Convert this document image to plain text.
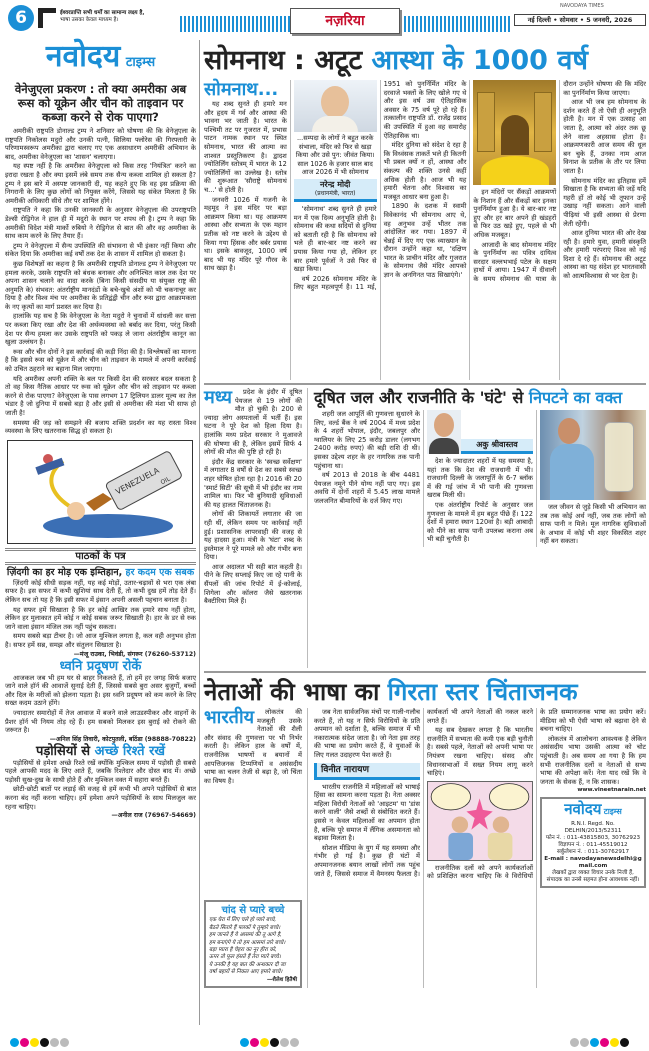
6	ईश्वरप्राप्ति सभी धर्मों का सामान्य लक्ष्य है,
भाषा उसका केवल माध्यम है।	नज़रिया
NAVODAYA TIMES
नई दिल्ली • सोमवार • 5 जनवरी, 2026
नवोदय टाइम्स
वेनेजुएला प्रकरण : तो क्या अमरीका अब रूस को यूक्रेन और चीन को ताइवान पर कब्जा करने से रोक पाएगा?

अमरीकी राष्ट्रपति डोनाल्ड ट्रम्प ने शनिवार को घोषणा की कि वेनेजुएला के राष्ट्रपति निकोलस मदुरो और उनकी पत्नी, सिलिया फ्लोरेस की गिरफ्तारी के परिणामस्वरूप अमरीका द्वारा चलाए गए एक असाधारण अमरीकी अभियान के बाद, अमरीका वेनेजुएला का 'शासन' चलाएगा।

यह स्पष्ट नहीं है कि अमरीका वेनेजुएला को किस तरह 'नियंत्रित' करने का इरादा रखता है और क्या इसमें लंबे समय तक सैन्य कब्जा शामिल हो सकता है? ट्रम्प ने इस बारे में अस्पष्ट जानकारी दी, यह कहते हुए कि वह इस प्रक्रिया की निगरानी के लिए कुछ लोगों को नियुक्त करेंगे, जिससे यह संकेत मिलता है कि अमरीकी अधिकारी सीधे तौर पर शामिल होंगे।

राष्ट्रपति ने कहा कि उनकी जानकारी के अनुसार वेनेजुएला की उपराष्ट्रपति डेल्सी रोड्रिगेज ने हाल ही में मदुरो के स्थान पर शपथ ली है। ट्रम्प ने कहा कि अमरीकी विदेश मंत्री मार्को रुबियो ने रोड्रिगेज से बात की और वह अमरीका के साथ काम करने के लिए तैयार हैं।

ट्रम्प ने वेनेजुएला में सैन्य उपस्थिति की संभावना से भी इंकार नहीं किया और संकेत दिया कि अमरीका कई वर्षों तक देश के शासन में शामिल हो सकता है।

कुछ विशेषज्ञों का कहना है कि अमरीकी राष्ट्रपति डोनाल्ड ट्रम्प ने वेनेजुएला पर हमला करके, उसके राष्ट्रपति को बंधक बनाकर और अनिश्चित काल तक देश पर अपना शासन चलाने का वादा करके (बिना किसी संसदीय या संयुक्त राष्ट्र की अनुमति के) संभवत: अंतर्राष्ट्रीय मानदंडों के बचे-खुचे अंशों को भी चकनाचूर कर दिया है और विश्व मंच पर अमरीका के प्रतिद्वंद्वी चीन और रूस द्वारा आक्रामकता के नए कृत्यों का मार्ग प्रशस्त कर दिया है।

हालांकि यह सच है कि वेनेजुएला के नेता मदुरो ने चुनावों में धांधली कर सत्ता पर कब्जा किए रखा और देश की अर्थव्यवस्था को बर्बाद कर दिया, परंतु किसी देश पर सैन्य हमला कर उसके राष्ट्रपति को पकड़ ले जाना अंतर्राष्ट्रीय कानून का खुला उल्लंघन है।

रूस और चीन दोनों ने इस कार्रवाई की कड़ी निंदा की है। विश्लेषकों का मानना है कि इससे रूस को यूक्रेन में और चीन को ताइवान के मामले में अपनी कार्रवाई को उचित ठहराने का बहाना मिल जाएगा।

यदि अमरीका अपनी शक्ति के बल पर किसी देश की सरकार बदल सकता है तो वह किस नैतिक आधार पर रूस को यूक्रेन और चीन को ताइवान पर कब्जा करने से रोक पाएगा? वेनेजुएला के पास लगभग 17 ट्रिलियन डालर मूल्य का तेल भंडार है जो दुनिया में सबसे बड़ा है और इसी से अमरीका की मंशा भी साफ हो जाती है!

समस्या की जड़ को समझने की बजाय शक्ति प्रदर्शन का यह रास्ता विश्व व्यवस्था के लिए खतरनाक सिद्ध हो सकता है।

VENEZUELA
OIL
पाठकों के पत्र
ज़िंदगी का हर मोड़ एक इम्तिहान, हर कदम एक सबक

ज़िंदगी कोई सीधी सड़क नहीं, यह कई मोड़ों, उतार-चढ़ावों से भरा एक लंबा सफर है। इस सफर में कभी खुशियां साथ देती हैं, तो कभी दुख हमें तोड़ देते हैं। लेकिन सच तो यह है कि इसी सफर में इंसान अपनी असली पहचान बनाता है।

यह सफर हमें सिखाता है कि हर कोई आखिर तक हमारे साथ नहीं होता, लेकिन हर मुलाकात हमें कोई न कोई सबक जरूर सिखाती है। हार के डर से रुक जाने वाला इंसान मंजिल तक नहीं पहुंच सकता।

समय सबसे बड़ा टीचर है। जो आज मुश्किल लगता है, कल वही अनुभव होता है। सफर हमें सब्र, समझ और संतुलन सिखाता है।

—मंजू राउका, भिवंडी, संगरूर (76260-53712)
ध्वनि प्रदूषण रोकें

आजकल जब भी हम घर से बाहर निकलते हैं, तो हमें हर जगह सिर्फ बजाए जाने वाले हॉर्न की आवाजें सुनाई देती हैं, जिससे सबसे बुरा असर बुजुर्गों, बच्चों और दिल के मरीजों को झेलना पड़ता है। इस ध्वनि प्रदूषण को कम करने के लिए सख्त कदम उठाने होंगे।

ज्यादातर समारोहों में तेज आवाज में बजने वाले लाउडस्पीकर और वाहनों के प्रैशर हॉर्न भी नियम तोड़ रहे हैं। हम सबको मिलकर इस बुराई को रोकने की जरूरत है।

—अनिल सिंह तिवारी, कोटपुतली, बठिंडा (98888-70822)
पड़ोसियों से अच्छे रिश्ते रखें

पड़ोसियों से हमेशा अच्छे रिश्ते रखें क्योंकि मुश्किल समय में पड़ोसी ही सबसे पहले आपकी मदद के लिए आते हैं, जबकि रिश्तेदार और दोस्त बाद में। अच्छे पड़ोसी सुख-दुख के साथी होते हैं और मुश्किल वक्त में सहारा बनते हैं।

छोटी-छोटी बातों पर लड़ाई की वजह से हमें कभी भी अपने पड़ोसियों से बात करना बंद नहीं करना चाहिए। हमें हमेशा अपने पड़ोसियों के साथ मिलजुल कर रहना चाहिए।

—अनील राज (76967-54669)
सोमनाथ : अटूट आस्था के 1000 वर्ष
सोमनाथ...

यह शब्द सुनते ही हमारे मन और हृदय में गर्व और आस्था की भावना भर जाती है। भारत के पश्चिमी तट पर गुजरात में, प्रभास पाटन नामक स्थान पर स्थित सोमनाथ, भारत की आत्मा का शाश्वत प्रस्तुतिकरण है। द्वादश ज्योतिर्लिंग स्तोत्रम् में भारत के 12 ज्योतिर्लिंगों का उल्लेख है। स्तोत्र की शुरूआत 'सौराष्ट्रे सोमनाथं च...' से होती है।

जनवरी 1026 में गजनी के महमूद ने इस मंदिर पर बड़ा आक्रमण किया था। यह आक्रमण आस्था और सभ्यता के एक महान प्रतीक को नष्ट करने के उद्देश्य से किया गया हिंसक और बर्बर प्रयास था। इसके बावजूद, 1000 वर्ष बाद भी यह मंदिर पूरे गौरव के साथ खड़ा है।

...सम्पदा के लोगों ने बहुत करके संभाला, मंदिर को फिर से खड़ा किया और उसे पुन: जीवंत किया। साल 1026 के हजार साल बाद आज 2026 में भी सोमनाथ
नरेन्द्र मोदी
(प्रधानमंत्री, भारत)

'सोमनाथ' शब्द सुनते ही हमारे मन में एक दिव्य अनुभूति होती है। सोमनाथ की कथा सदियों से दुनिया को बताती रही है कि सोमनाथ को भले ही बार-बार नष्ट करने का प्रयास किया गया हो, लेकिन हर बार हमारे पूर्वजों ने उसे फिर से खड़ा किया।

वर्ष 2026 सोमनाथ मंदिर के लिए बहुत महत्वपूर्ण है। 11 मई, 1951 को पुनर्निर्मित मंदिर के दरवाजे भक्तों के लिए खोले गए थे और इस वर्ष उस ऐतिहासिक अवसर के 75 वर्ष पूरे हो रहे हैं। तत्कालीन राष्ट्रपति डॉ. राजेंद्र प्रसाद की उपस्थिति में हुआ वह समारोह ऐतिहासिक था।

मंदिर दुनिया को संदेश दे रहा है कि विध्वंसक ताकतें भले ही कितनी भी प्रबल क्यों न हों, आस्था और संकल्प की शक्ति उनसे कहीं अधिक होती है। आज भी यह हमारी चेतना और विश्वास का मजबूत आधार बना हुआ है।

1890 के दशक में स्वामी विवेकानंद भी सोमनाथ आए थे, वह अनुभव उन्हें भीतर तक आंदोलित कर गया। 1897 में चेन्नई में दिए गए एक व्याख्यान के दौरान उन्होंने कहा था, 'दक्षिण भारत के प्राचीन मंदिर और गुजरात के सोमनाथ जैसे मंदिर आपको ज्ञान के अनगिनत पाठ सिखाएंगे।'

इन मंदिरों पर सैंकड़ों आक्रमणों के निशान हैं और सैंकड़ों बार इनका पुनर्निर्माण हुआ है। ये बार-बार नष्ट हुए और हर बार अपने ही खंडहरों से फिर उठ खड़े हुए, पहले से भी अधिक मजबूत।

आजादी के बाद सोमनाथ मंदिर के पुनर्निर्माण का पवित्र दायित्व सरदार वल्लभभाई पटेल के सक्षम हाथों में आया। 1947 में दीवाली के समय सोमनाथ की यात्रा के दौरान उन्होंने घोषणा की कि मंदिर का पुनर्निर्माण किया जाएगा।

आज भी जब हम सोमनाथ के दर्शन करते हैं तो ऐसी ही अनुभूति होती है। मन में एक उत्साह आ जाता है, आत्मा को अंदर तक छू लेने वाला अहसास होता है। आक्रमणकारी आज समय की धूल बन चुके हैं, उनका नाम आज विनाश के प्रतीक के तौर पर लिया जाता है।

सोमनाथ मंदिर का इतिहास हमें सिखाता है कि सभ्यता की जड़ें यदि गहरी हों तो कोई भी तूफान उन्हें उखाड़ नहीं सकता। आने वाली पीढ़ियां भी इसी आस्था से प्रेरणा लेती रहेंगी।

आज दुनिया भारत की ओर देख रही है। हमारे युवा, हमारी संस्कृति और हमारी परंपराएं विश्व को नई दिशा दे रहे हैं। सोमनाथ की अटूट आस्था का यह संदेश हर भारतवासी को आत्मविश्वास से भर देता है।

मध्य	प्रदेश के इंदौर में दूषित पेयजल से 19 लोगों की मौत हो चुकी है। 200 से ज्यादा लोग अस्पतालों में भर्ती हैं। इस घटना ने पूरे देश को हिला दिया है। हालांकि मध्य प्रदेश सरकार ने मुआवजे की घोषणा की है, लेकिन इसमें सिर्फ 4 लोगों की मौत की पुष्टि हो रही है।

इंदौर केंद्र सरकार के 'स्वच्छ सर्वेक्षण' में लगातार 8 वर्षों से देश का सबसे स्वच्छ शहर घोषित होता रहा है। 2016 की 20 'स्मार्ट सिटी' की सूची में भी इंदौर का नाम शामिल था। फिर भी बुनियादी सुविधाओं की यह हालत चिंताजनक है।

लोगों की शिकायतें लगातार की जा रही थीं, लेकिन समय पर कार्रवाई नहीं हुई। प्रशासनिक लापरवाही की वजह से यह हादसा हुआ। मंत्री के 'घंटा' शब्द के इस्तेमाल ने पूरे मामले को और गंभीर बना दिया।

आज अदालत भी सही बात कहती है। पीने के लिए सप्लाई किए जा रहे पानी के सैंपलों की जांच रिपोर्ट में ई-कोलाई, शिगेला और कॉलरा जैसे खतरनाक बैक्टीरिया मिले हैं।

दूषित जल और राजनीति के 'घंटे' से निपटने का वक्त

शहरी जल आपूर्ति की गुणवत्ता सुधारने के लिए, वर्ल्ड बैंक ने वर्ष 2004 में मध्य प्रदेश के 4 शहरों भोपाल, इंदौर, जबलपुर और ग्वालियर के लिए 25 करोड़ डालर (लगभग 2400 करोड़ रुपए) की बड़ी राशि दी थी। इसका उद्देश्य शहर के हर नागरिक तक पानी पहुंचाना था।

वर्ष 2013 से 2018 के बीच 4481 पेयजल नमूने पीने योग्य नहीं पाए गए। इस अवधि में दोनों शहरों में 5.45 लाख मामले जलजनित बीमारियों के दर्ज किए गए।

अकु श्रीवास्तव

देश के ज्यादातर शहरों में यह समस्या है, यहां तक कि देश की राजधानी में भी। राजधानी दिल्ली के जलापूर्ति के 6-7 ब्लॉक में की गई जांच में भी पानी की गुणवत्ता खराब मिली थी।

एक अंतर्राष्ट्रीय रिपोर्ट के अनुसार जल गुणवत्ता के मामले में हम बहुत पीछे हैं। 122 देशों में हमारा स्थान 120वां है। बड़ी आबादी को पीने का साफ पानी उपलब्ध कराना अब भी बड़ी चुनौती है।

जल जीवन से जुड़े किसी भी अभियान का तब तक कोई अर्थ नहीं, जब तक लोगों को साफ पानी न मिले। मूल नागरिक सुविधाओं के अभाव में कोई भी शहर विकसित शहर नहीं बन सकता।

नेताओं की भाषा का गिरता स्तर चिंताजनक
भारतीय	लोकतंत्र की मजबूती उसके नेताओं की शैली और संवाद की गुणवत्ता पर भी निर्भर करती है। लेकिन हाल के वर्षों में, राजनीतिक भाषणों व बयानों में आपत्तिजनक टिप्पणियों व असंसदीय भाषा का चलन तेजी से बढ़ा है, जो चिंता का विषय है।

चांद से प्यारे बच्चे
एक घेरा में लिए चले हो प्यारे बच्चे,
बैठते सितारे हैं पलकों पे तुम्हारे बच्चे।
हम जानते हैं ये आसमां की तू आगे है,
हम बनाएंगे ये तो हम आसमां तारे बच्चे।
बड़ा प्यारा है चेहरा का नूर हीरा को,
ऊपर तो फूल हंसते हैं तेरा प्यारे बच्चे।
ये उनकी है यह बात की अन्धकार दी जा
वर्षा बहारों से निकल आए हमारे बच्चे।
—शैलेश हितैषी

जब नेता सार्वजनिक मंचों पर गाली-गलौच करते हैं, तो यह न सिर्फ विरोधियों के प्रति अपमान को दर्शाता है, बल्कि समाज में भी नकारात्मक संदेश जाता है। जो नेता इस तरह की भाषा का प्रयोग करते हैं, वे युवाओं के लिए गलत उदाहरण पेश करते हैं।

विनीत नारायण

भारतीय राजनीति में महिलाओं को भाषाई हिंसा का सामना करना पड़ता है। नेता अक्सर महिला विरोधी नेताओं को 'आइटम' या 'डांस करने वाली' जैसे शब्दों से संबोधित करते हैं। इससे न केवल महिलाओं का अपमान होता है, बल्कि पूरे समाज में लैंगिक असमानता को बढ़ावा मिलता है।

सोशल मीडिया के युग में यह समस्या और गंभीर हो गई है। कुछ ही घंटों में अपमानजनक बयान लाखों लोगों तक पहुंच जाते हैं, जिससे समाज में वैमनस्य फैलता है। कार्यकर्ता भी अपने नेताओं की नकल करने लगते हैं।

यह सब देखकर लगता है कि भारतीय राजनीति में सभ्यता की कमी एक बड़ी चुनौती है। सबसे पहले, नेताओं को अपनी भाषा पर नियंत्रण रखना चाहिए। संसद और विधानसभाओं में सख्त नियम लागू करने चाहिएं।

राजनीतिक दलों को अपने कार्यकर्ताओं को प्रशिक्षित करना चाहिए कि वे विरोधियों के प्रति सम्मानजनक भाषा का प्रयोग करें। मीडिया को भी ऐसी भाषा को बढ़ावा देने से बचना चाहिए।

लोकतंत्र में आलोचना आवश्यक है लेकिन असंसदीय भाषा उसकी आत्मा को चोट पहुंचाती है। अब समय आ गया है कि हम सभी राजनीतिक दलों व नेताओं से सभ्य भाषा की अपेक्षा करें। नेता याद रखें कि वे जनता के सेवक हैं, न कि शासक।

www.vineetnarain.net
नवोदय टाइम्स
R.N.I. Regd. No. DELHIN/2013/52311
फोन नं. : 011-43815803, 30762923
विज्ञापन नं. : 011-45519012
सर्कुलेशन नं. : 011-30762917
E-mail : navodayanewsdelhi@gmail.com
लेखकों द्वारा व्यक्त विचार उनके निजी हैं, संपादक का उनसे सहमत होना आवश्यक नहीं।
